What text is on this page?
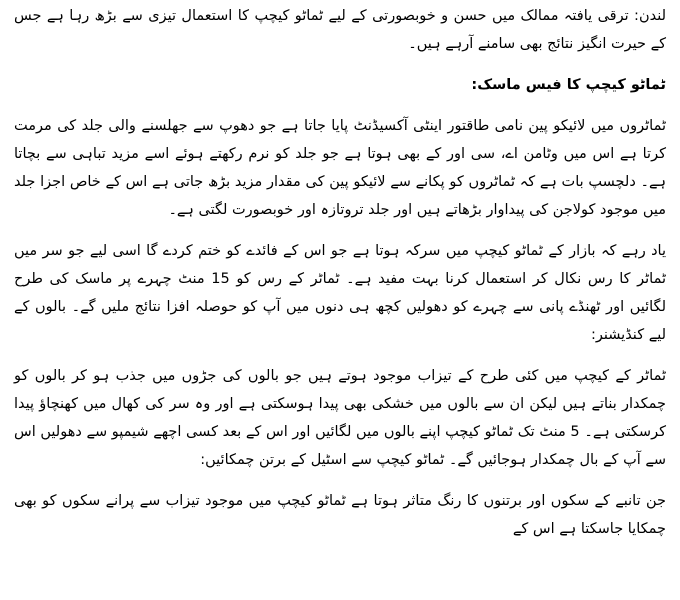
لندن: ترقی یافتہ ممالک میں حسن و خوبصورتی کے لیے ٹماٹو کیچپ کا استعمال تیزی سے بڑھ رہا ہے جس کے حیرت انگیز نتائج بھی سامنے آرہے ہیں۔

ٹماٹو کیچپ کا فیس ماسک:

ٹماٹروں میں لائیکو پین نامی طاقتور اینٹی آکسیڈنٹ پایا جاتا ہے جو دھوپ سے جھلسنے والی جلد کی مرمت کرتا ہے اس میں وٹامن اے، سی اور کے بھی ہوتا ہے جو جلد کو نرم رکھتے ہوئے اسے مزید تباہی سے بچاتا ہے۔ دلچسپ بات ہے کہ ٹماٹروں کو پکانے سے لائیکو پین کی مقدار مزید بڑھ جاتی ہے اس کے خاص اجزا جلد میں موجود کولاجن کی پیداوار بڑھاتے ہیں اور جلد تروتازہ اور خوبصورت لگتی ہے۔

یاد رہے کہ بازار کے ٹماٹو کیچپ میں سرکہ ہوتا ہے جو اس کے فائدے کو ختم کردے گا اسی لیے جو سر میں ٹماٹر کا رس نکال کر استعمال کرنا بہت مفید ہے۔ ٹماٹر کے رس کو 15 منٹ چہرے پر ماسک کی طرح لگائیں اور ٹھنڈے پانی سے چہرے کو دھولیں کچھ ہی دنوں میں آپ کو حوصلہ افزا نتائج ملیں گے۔ بالوں کے لیے کنڈیشنر:

ٹماٹر کے کیچپ میں کئی طرح کے تیزاب موجود ہوتے ہیں جو بالوں کی جڑوں میں جذب ہو کر بالوں کو چمکدار بناتے ہیں لیکن ان سے بالوں میں خشکی بھی پیدا ہوسکتی ہے اور وہ سر کی کھال میں کھنچاؤ پیدا کرسکتی ہے۔ 5 منٹ تک ٹماٹو کیچپ اپنے بالوں میں لگائیں اور اس کے بعد کسی اچھے شیمپو سے دھولیں اس سے آپ کے بال چمکدار ہوجائیں گے۔ ٹماٹو کیچپ سے اسٹیل کے برتن چمکائیں:

جن تانبے کے سکوں اور برتنوں کا رنگ متاثر ہوتا ہے ٹماٹو کیچپ میں موجود تیزاب سے پرانے سکوں کو بھی چمکایا جاسکتا ہے اس کے
